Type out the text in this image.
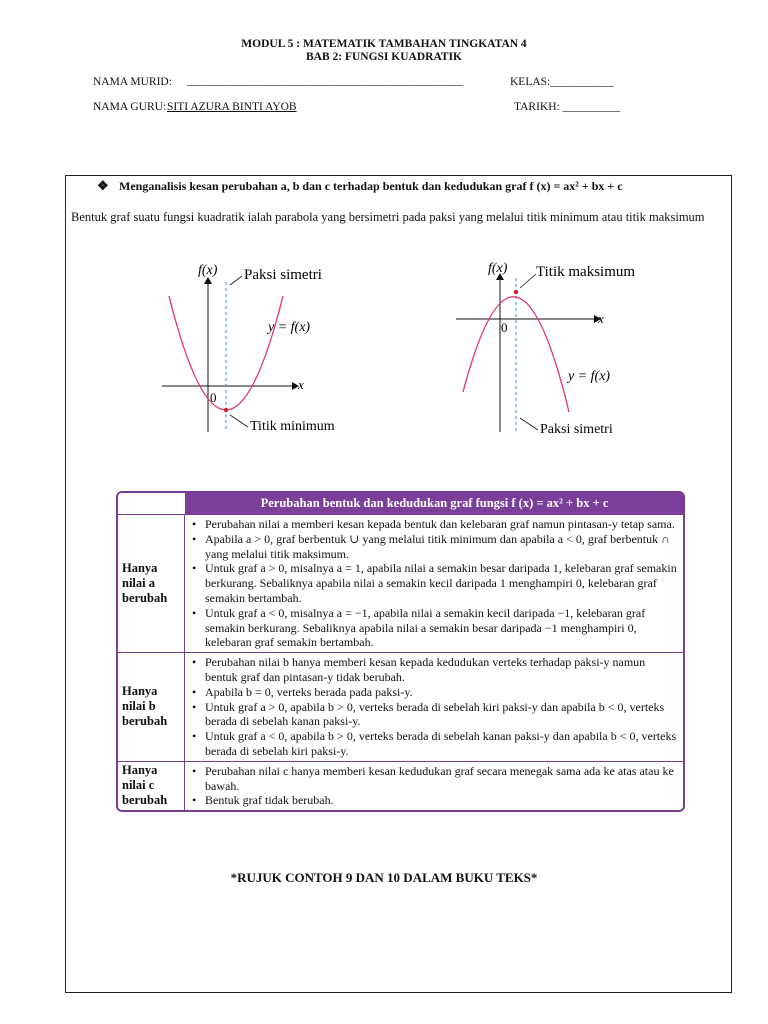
MODUL 5 : MATEMATIK TAMBAHAN TINGKATAN 4
BAB 2: FUNGSI KUADRATIK
NAMA MURID: ________________________________________________	KELAS:___________
NAMA GURU: SITI AZURA BINTI AYOB	TARIKH: __________
❖ Menganalisis kesan perubahan a, b dan c terhadap bentuk dan kedudukan graf f (x) = ax² + bx + c
Bentuk graf suatu fungsi kuadratik ialah parabola yang bersimetri pada paksi yang melalui titik minimum atau titik maksimum
f(x) Paksi simetri
y = f(x)
x
0
Titik minimum
f(x) Titik maksimum
x
0
y = f(x)
Paksi simetri
Perubahan bentuk dan kedudukan graf fungsi f (x) = ax² + bx + c
Hanya
nilai a
berubah
• Perubahan nilai a memberi kesan kepada bentuk dan kelebaran graf namun pintasan-y tetap sama.
• Apabila a > 0, graf berbentuk ∪ yang melalui titik minimum dan apabila a < 0, graf berbentuk ∩ yang melalui titik maksimum.
• Untuk graf a > 0, misalnya a = 1, apabila nilai a semakin besar daripada 1, kelebaran graf semakin berkurang. Sebaliknya apabila nilai a semakin kecil daripada 1 menghampiri 0, kelebaran graf semakin bertambah.
• Untuk graf a < 0, misalnya a = −1, apabila nilai a semakin kecil daripada −1, kelebaran graf semakin berkurang. Sebaliknya apabila nilai a semakin besar daripada −1 menghampiri 0, kelebaran graf semakin bertambah.
Hanya
nilai b
berubah
• Perubahan nilai b hanya memberi kesan kepada kedudukan verteks terhadap paksi-y namun bentuk graf dan pintasan-y tidak berubah.
• Apabila b = 0, verteks berada pada paksi-y.
• Untuk graf a > 0, apabila b > 0, verteks berada di sebelah kiri paksi-y dan apabila b < 0, verteks berada di sebelah kanan paksi-y.
• Untuk graf a < 0, apabila b > 0, verteks berada di sebelah kanan paksi-y dan apabila b < 0, verteks berada di sebelah kiri paksi-y.
Hanya
nilai c
berubah
• Perubahan nilai c hanya memberi kesan kedudukan graf secara menegak sama ada ke atas atau ke bawah.
• Bentuk graf tidak berubah.
*RUJUK CONTOH 9 DAN 10 DALAM BUKU TEKS*
